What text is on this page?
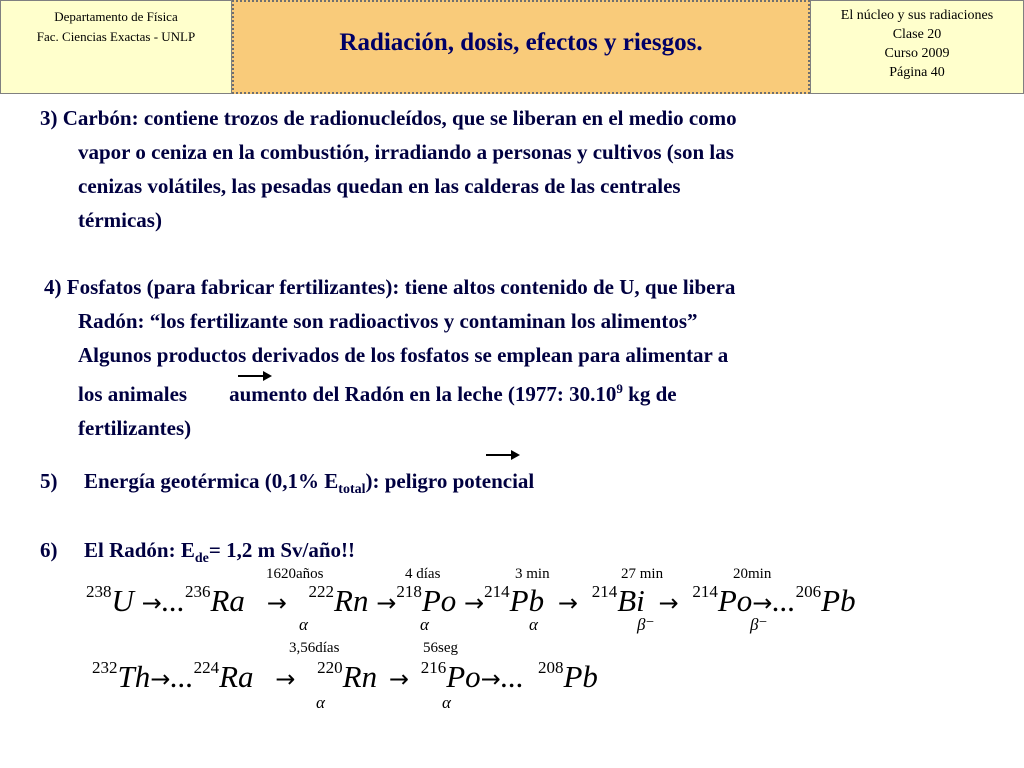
Departamento de Física
Fac. Ciencias Exactas - UNLP	Radiación, dosis, efectos y riesgos.
El núcleo y sus radiaciones
Clase 20
Curso 2009
Página 40
3) Carbón: contiene trozos de radionucleídos, que se liberan en el medio como
vapor o ceniza en la combustión, irradiando a personas y cultivos (son las
cenizas volátiles, las pesadas quedan en las calderas de las centrales
térmicas)
4) Fosfatos (para fabricar fertilizantes): tiene altos contenido de U, que libera
Radón: “los fertilizante son radioactivos y contaminan los alimentos”
Algunos productos derivados de los fosfatos se emplean para alimentar a
los animales aumento del Radón en la leche (1977: 30.10$^9$ kg de
fertilizantes)
5) Energía geotérmica (0,1% $E_{total}$): peligro potencial
6) El Radón: $E_{de}= 1,2$ m Sv/año!!
$^{238}$U →...$^{236}$Ra → $^{222}$Rn →$^{218}$Po →$^{214}$Pb → $^{214}$Bi → $^{214}$Po→...$^{206}$Pb
1620años	4 días	3 min	27 min	20min
α	α	α	β⁻	β⁻
$^{232}$Th→...$^{224}$Ra → $^{220}$Rn → $^{216}$Po→... $^{208}$Pb
3,56días	56seg
α	α
